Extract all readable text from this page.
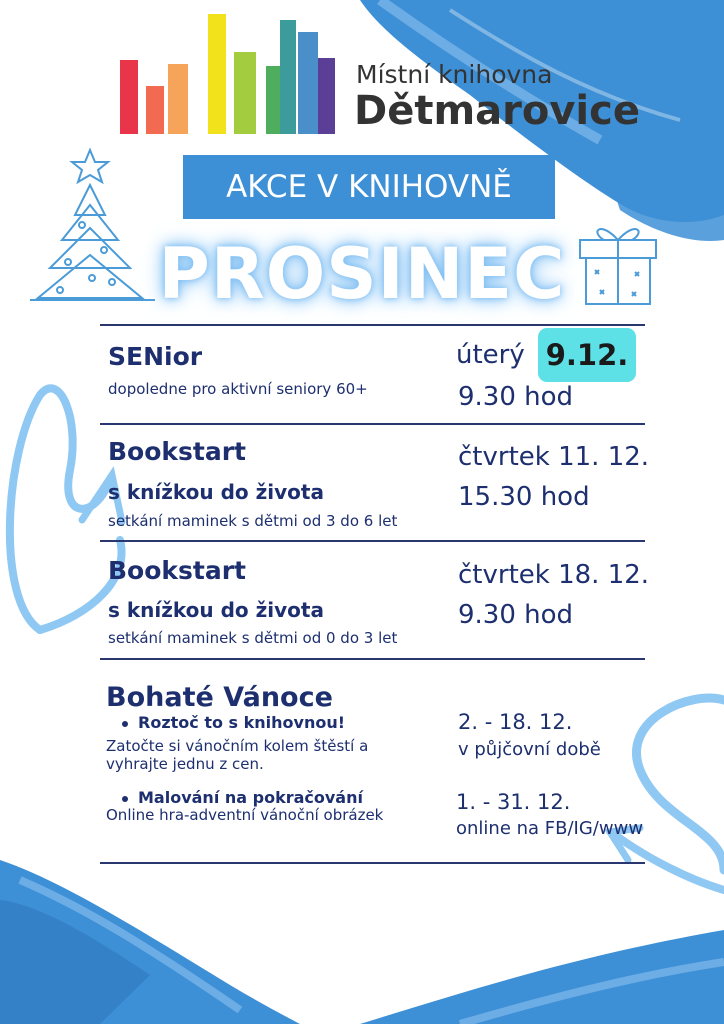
Místní knihovna
Dětmarovice
AKCE V KNIHOVNĚ
PROSINEC
SENior
dopoledne pro aktivní seniory 60+
úterý 9.12.
9.30 hod
Bookstart
s knížkou do života
setkání maminek s dětmi od 3 do 6 let
čtvrtek 11. 12.
15.30 hod
Bookstart
s knížkou do života
setkání maminek s dětmi od 0 do 3 let
čtvrtek 18. 12.
9.30 hod
Bohaté Vánoce
Roztoč to s knihovnou!
Zatočte si vánočním kolem štěstí a
vyhrajte jednu z cen.
2. - 18. 12.
v půjčovní době
Malování na pokračování
Online hra-adventní vánoční obrázek
1. - 31. 12.
online na FB/IG/www
